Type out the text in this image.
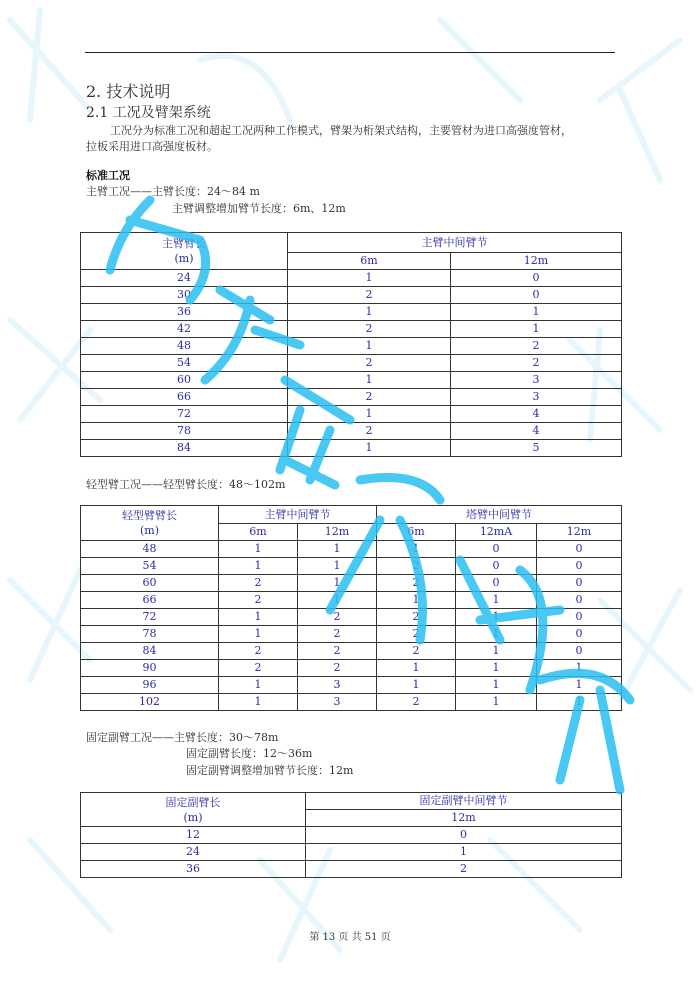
2. 技术说明
2.1 工况及臂架系统
工况分为标准工况和超起工况两种工作模式，臂架为桁架式结构，主要管材为进口高强度管材，
拉板采用进口高强度板材。
标准工况
主臂工况——主臂长度：24～84 m
主臂调整增加臂节长度：6m、12m
主臂臂长
(m)	主臂中间臂节	
	6m	12m
24	1	0
30	2	0
36	1	1
42	2	1
48	1	2
54	2	2
60	1	3
66	2	3
72	1	4
78	2	4
84	1	5
轻型臂工况——轻型臂长度：48～102m
轻型臂臂长
(m)	主臂中间臂节		塔臂中间臂节		
	6m	12m	6m	12mA	12m
48	1	1	1	0	0
54	1	1	2	0	0
60	2	1	2	0	0
66	2	1	1	1	0
72	1	2	2	1	0
78	1	2	2	1	0
84	2	2	2	1	0
90	2	2	1	1	1
96	1	3	1	1	1
102	1	3	2	1	1
固定副臂工况——主臂长度：30～78m
固定副臂长度：12～36m
固定副臂调整增加臂节长度：12m
固定副臂长
(m)	固定副臂中间臂节
	12m
12	0
24	1
36	2
第 13 页 共 51 页
